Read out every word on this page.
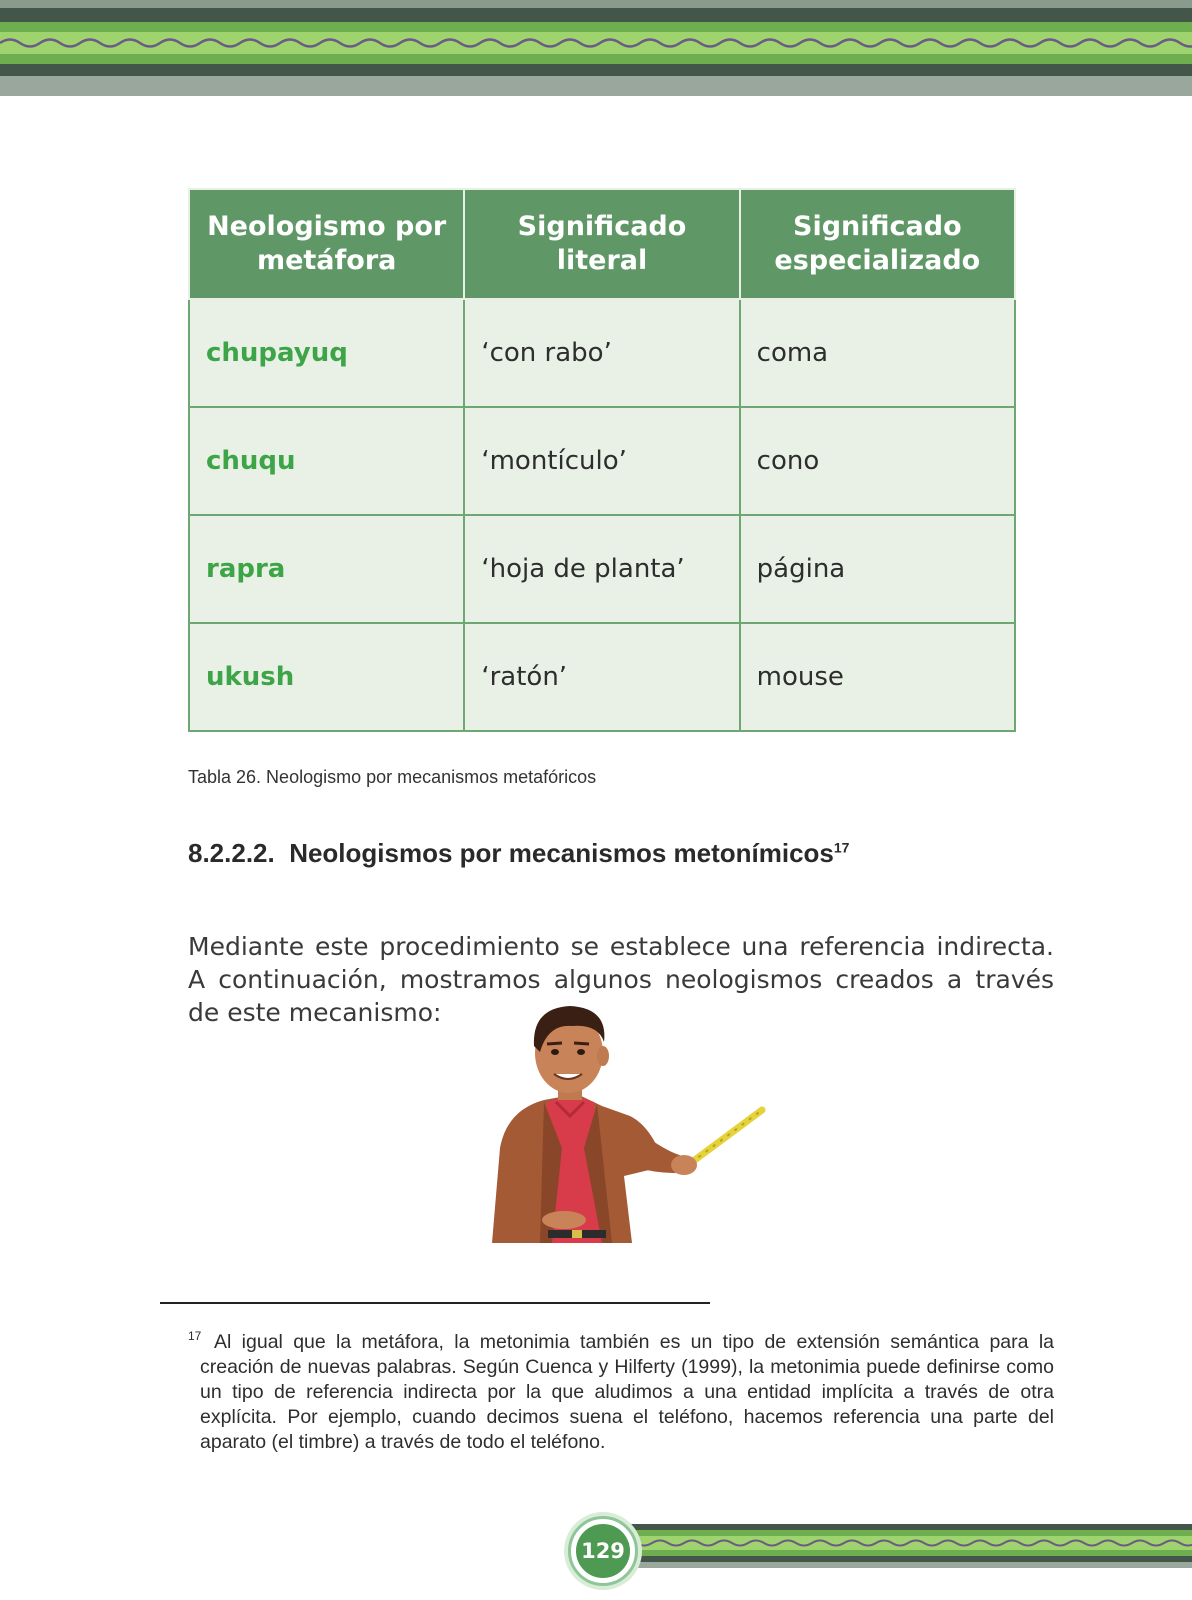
Neologismo por metáfora	Significado literal	Significado especializado
chupayuq	‘con rabo’	coma
chuqu	‘montículo’	cono
rapra	‘hoja de planta’	página
ukush	‘ratón’	mouse
Tabla 26. Neologismo por mecanismos metafóricos
8.2.2.2. Neologismos por mecanismos metonímicos$^{17}$

Mediante este procedimiento se establece una referencia indirecta. A continuación, mostramos algunos neologismos creados a través de este mecanismo:

$^{17}$ Al igual que la metáfora, la metonimia también es un tipo de extensión semántica para la creación de nuevas palabras. Según Cuenca y Hilferty (1999), la metonimia puede definirse como un tipo de referencia indirecta por la que aludimos a una entidad implícita a través de otra explícita. Por ejemplo, cuando decimos suena el teléfono, hacemos referencia una parte del aparato (el timbre) a través de todo el teléfono.
129
